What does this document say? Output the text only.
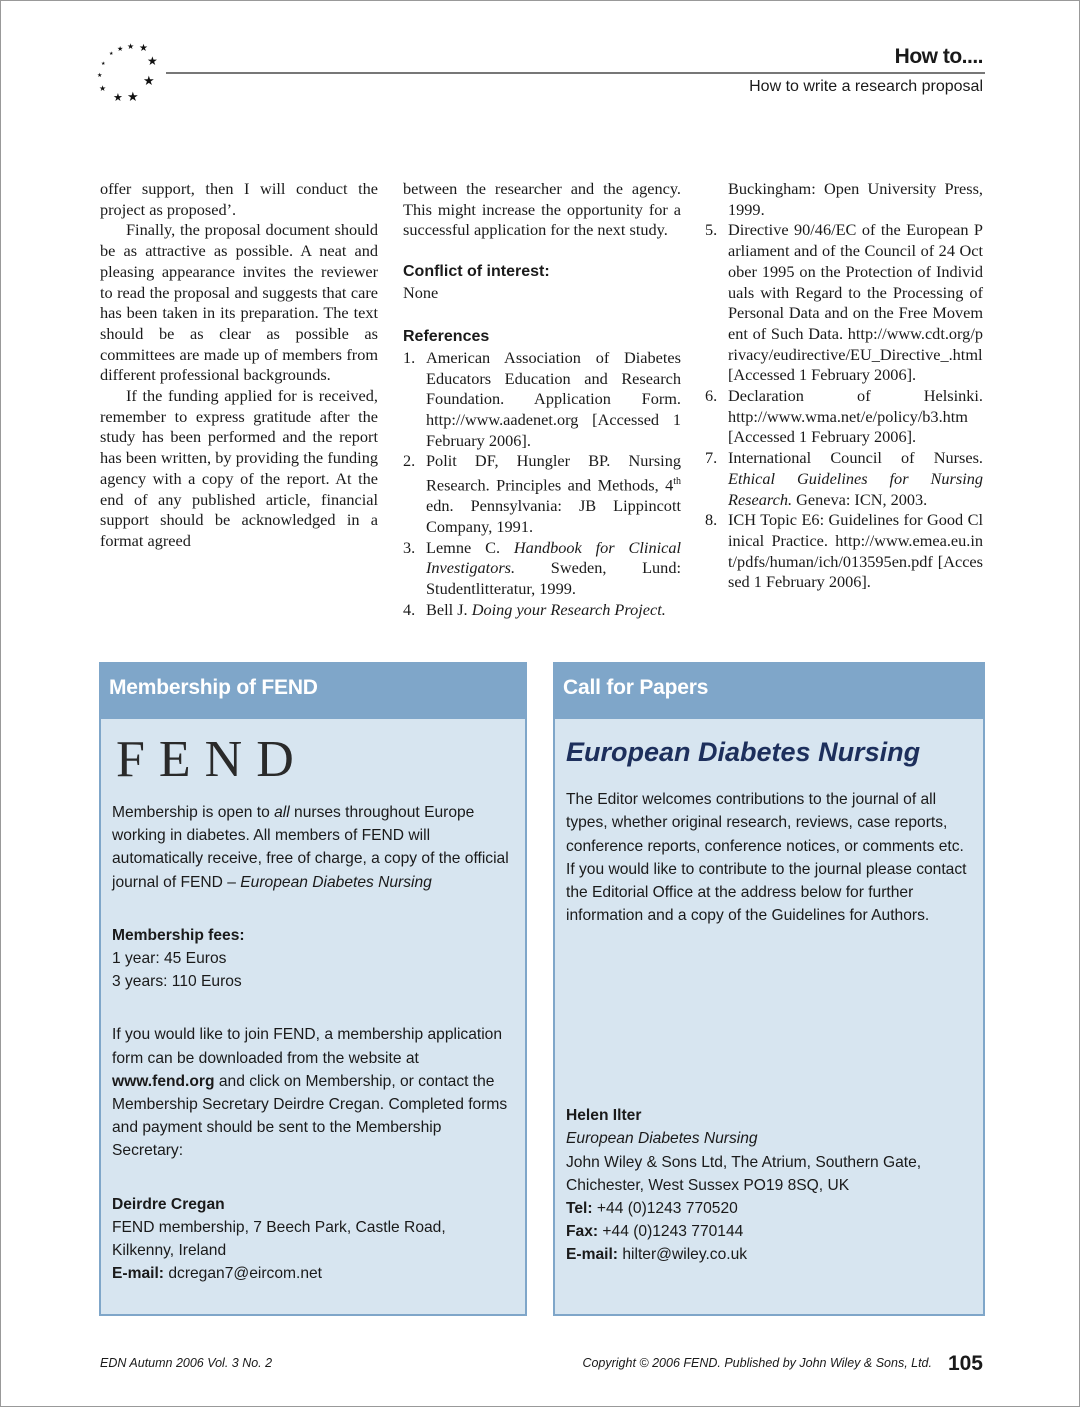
★ ★ ★
★
★
★
★
★
★
★
★	How to....
How to write a research proposal

offer support, then I will conduct the project as proposed’.

Finally, the proposal document should be as attractive as possible. A neat and pleasing appearance invites the reviewer to read the proposal and suggests that care has been taken in its preparation. The text should be as clear as possible as committees are made up of members from different professional backgrounds.

If the funding applied for is received, remember to express gratitude after the study has been performed and the report has been written, by providing the funding agency with a copy of the report. At the end of any published article, financial support should be acknowledged in a format agreed

between the researcher and the agency. This might increase the opportunity for a successful application for the next study.

Conflict of interest:

None

References
1. American Association of Diabetes Educators Education and Research Foundation. Application Form. http://www.aadenet.org [Accessed 1 February 2006].
2. Polit DF, Hungler BP. Nursing Research. Principles and Methods, 4th edn. Pennsylvania: JB Lippincott Company, 1991.
3. Lemne C. Handbook for Clinical Investigators. Sweden, Lund: Studentlitteratur, 1999.
4. Bell J. Doing your Research Project.
Buckingham: Open University Press, 1999.
5. Directive 90/46/EC of the European Parliament and of the Council of 24 October 1995 on the Protection of Individuals with Regard to the Processing of Personal Data and on the Free Movement of Such Data. http://www.cdt.org/privacy/eudirective/EU_Directive_.html [Accessed 1 February 2006].
6. Declaration of Helsinki. http://www.wma.net/e/policy/b3.htm [Accessed 1 February 2006].
7. International Council of Nurses. Ethical Guidelines for Nursing Research. Geneva: ICN, 2003.
8. ICH Topic E6: Guidelines for Good Clinical Practice. http://www.emea.eu.int/pdfs/human/ich/013595en.pdf [Accessed 1 February 2006].
Membership of FEND
FEND

Membership is open to all nurses throughout Europe working in diabetes. All members of FEND will automatically receive, free of charge, a copy of the official journal of FEND – European Diabetes Nursing

Membership fees:

1 year: 45 Euros

3 years: 110 Euros

If you would like to join FEND, a membership application form can be downloaded from the website at www.fend.org and click on Membership, or contact the Membership Secretary Deirdre Cregan. Completed forms and payment should be sent to the Membership Secretary:

Deirdre Cregan

FEND membership, 7 Beech Park, Castle Road,

Kilkenny, Ireland

E-mail: dcregan7@eircom.net

Call for Papers
European Diabetes Nursing

The Editor welcomes contributions to the journal of all types, whether original research, reviews, case reports, conference reports, conference notices, or comments etc. If you would like to contribute to the journal please contact the Editorial Office at the address below for further information and a copy of the Guidelines for Authors.

Helen Ilter

European Diabetes Nursing

John Wiley & Sons Ltd, The Atrium, Southern Gate,

Chichester, West Sussex PO19 8SQ, UK

Tel: +44 (0)1243 770520

Fax: +44 (0)1243 770144

E-mail: hilter@wiley.co.uk

EDN Autumn 2006 Vol. 3 No. 2	Copyright © 2006 FEND. Published by John Wiley & Sons, Ltd. 105
